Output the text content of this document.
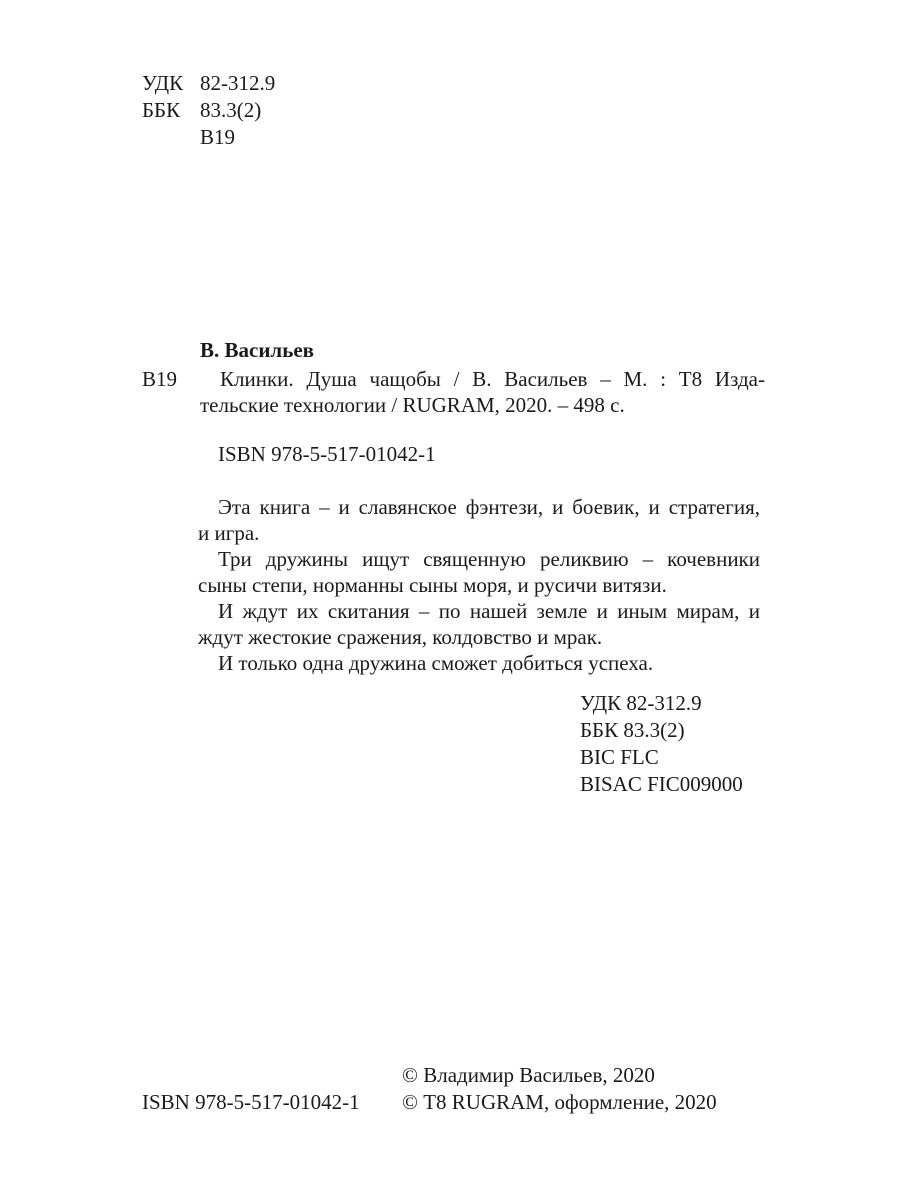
УДК 82-312.9
ББК 83.3(2)
В19
В. Васильев
В19	Клинки. Душа чащобы / В. Васильев – М. : Т8 Изда-
тельские технологии / RUGRAM, 2020. – 498 с.
ISBN 978-5-517-01042-1
Эта книга – и славянское фэнтези, и боевик, и стратегия,
и игра.
Три дружины ищут священную реликвию – кочевники
сыны степи, норманны сыны моря, и русичи витязи.
И ждут их скитания – по нашей земле и иным мирам, и
ждут жестокие сражения, колдовство и мрак.
И только одна дружина сможет добиться успеха.
УДК 82-312.9
ББК 83.3(2)
BIC FLC
BISAC FIC009000
ISBN 978-5-517-01042-1
© Владимир Васильев, 2020
© Т8 RUGRAM, оформление, 2020
